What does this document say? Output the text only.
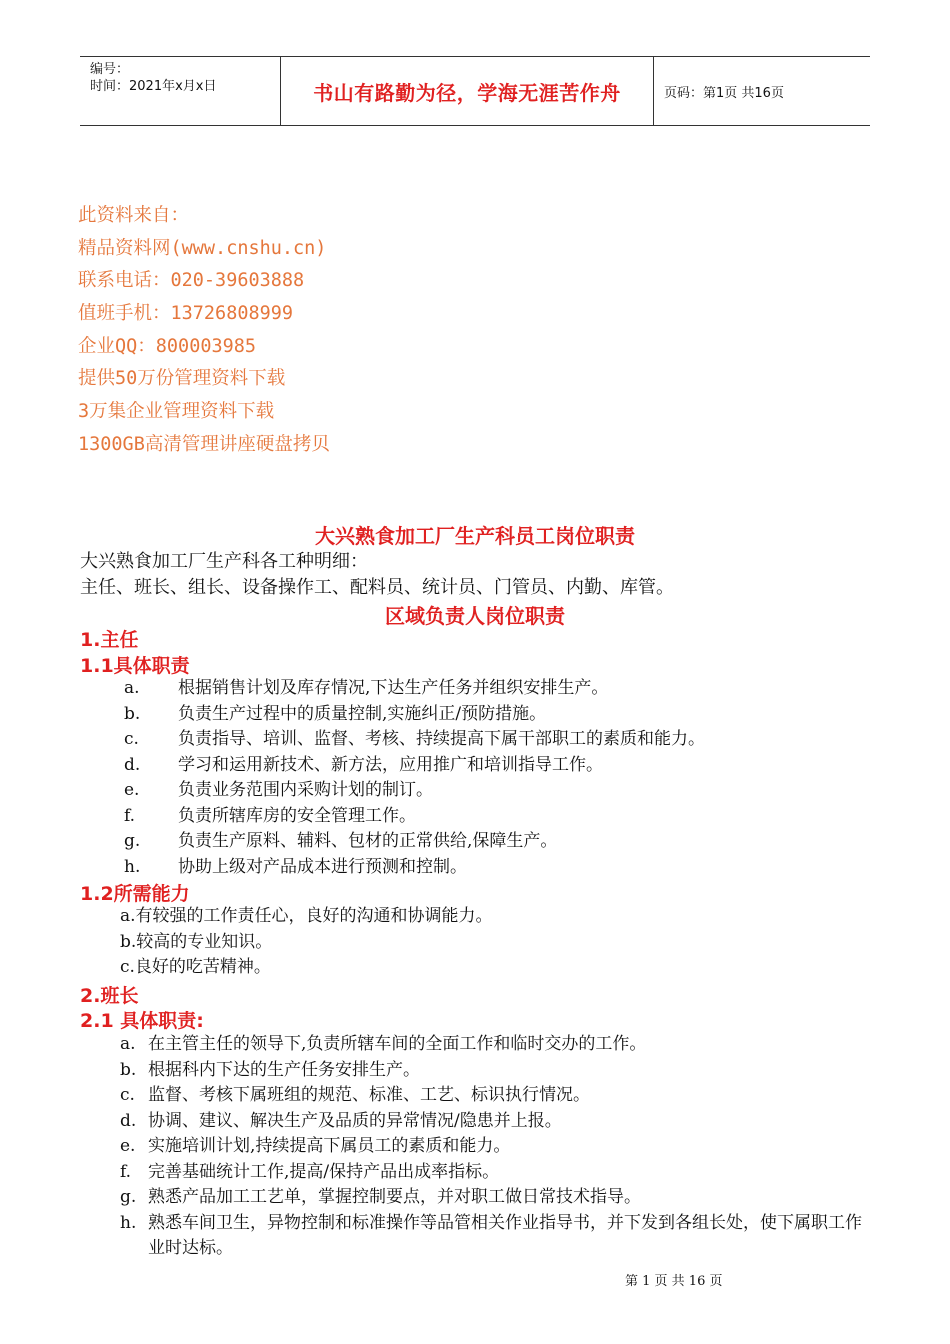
编号：
时间：2021年x月x日	书山有路勤为径，学海无涯苦作舟	页码：第1页 共16页
此资料来自：
精品资料网(www.cnshu.cn)
联系电话：020-39603888
值班手机：13726808999
企业QQ：800003985
提供50万份管理资料下载
3万集企业管理资料下载
1300GB高清管理讲座硬盘拷贝
大兴熟食加工厂生产科员工岗位职责
大兴熟食加工厂生产科各工种明细：
主任、班长、组长、设备操作工、配料员、统计员、门管员、内勤、库管。
区域负责人岗位职责
1.主任
1.1具体职责
a. 根据销售计划及库存情况,下达生产任务并组织安排生产。
b. 负责生产过程中的质量控制,实施纠正/预防措施。
c. 负责指导、培训、监督、考核、持续提高下属干部职工的素质和能力。
d. 学习和运用新技术、新方法，应用推广和培训指导工作。
e. 负责业务范围内采购计划的制订。
f.	负责所辖库房的安全管理工作。
g. 负责生产原料、辅料、包材的正常供给,保障生产。
h. 协助上级对产品成本进行预测和控制。
1.2所需能力
a.有较强的工作责任心，良好的沟通和协调能力。
b.较高的专业知识。
c.良好的吃苦精神。
2.班长
2.1 具体职责:
a. 在主管主任的领导下,负责所辖车间的全面工作和临时交办的工作。
b. 根据科内下达的生产任务安排生产。
c. 监督、考核下属班组的规范、标准、工艺、标识执行情况。
d. 协调、建议、解决生产及品质的异常情况/隐患并上报。
e. 实施培训计划,持续提高下属员工的素质和能力。
f. 完善基础统计工作,提高/保持产品出成率指标。
g. 熟悉产品加工工艺单，掌握控制要点，并对职工做日常技术指导。
h. 熟悉车间卫生，异物控制和标准操作等品管相关作业指导书，并下发到各组长处，使下属职工作业时达标。
第 1 页 共 16 页
